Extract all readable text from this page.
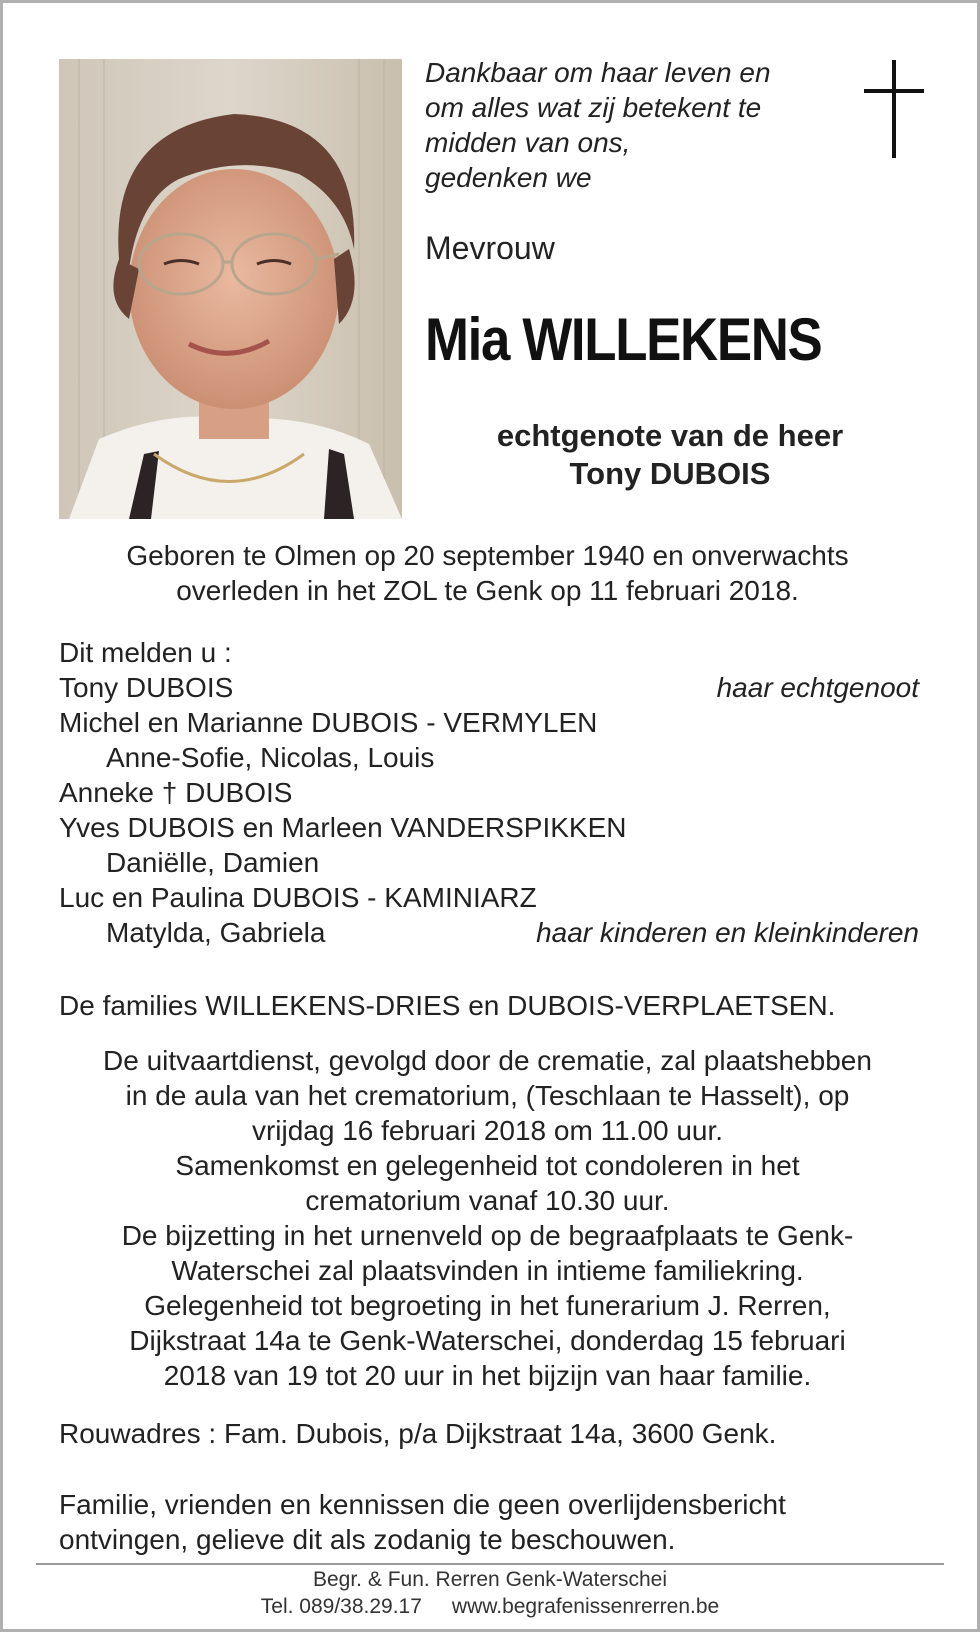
Dankbaar om haar leven en
om alles wat zij betekent te
midden van ons,
gedenken we
Mevrouw
Mia WILLEKENS
echtgenote van de heer
Tony DUBOIS
Geboren te Olmen op 20 september 1940 en onverwachts
overleden in het ZOL te Genk op 11 februari 2018.
Dit melden u :
Tony DUBOIS	haar echtgenoot
Michel en Marianne DUBOIS - VERMYLEN
Anne-Sofie, Nicolas, Louis
Anneke † DUBOIS
Yves DUBOIS en Marleen VANDERSPIKKEN
Daniëlle, Damien
Luc en Paulina DUBOIS - KAMINIARZ
Matylda, Gabriela	haar kinderen en kleinkinderen
De families WILLEKENS-DRIES en DUBOIS-VERPLAETSEN.
De uitvaartdienst, gevolgd door de crematie, zal plaatshebben
in de aula van het crematorium, (Teschlaan te Hasselt), op
vrijdag 16 februari 2018 om 11.00 uur.
Samenkomst en gelegenheid tot condoleren in het
crematorium vanaf 10.30 uur.
De bijzetting in het urnenveld op de begraafplaats te Genk-
Waterschei zal plaatsvinden in intieme familiekring.
Gelegenheid tot begroeting in het funerarium J. Rerren,
Dijkstraat 14a te Genk-Waterschei, donderdag 15 februari
2018 van 19 tot 20 uur in het bijzijn van haar familie.
Rouwadres : Fam. Dubois, p/a Dijkstraat 14a, 3600 Genk.
Familie, vrienden en kennissen die geen overlijdensbericht
ontvingen, gelieve dit als zodanig te beschouwen.
Begr. & Fun. Rerren Genk-Waterschei
Tel. 089/38.29.17 www.begrafenissenrerren.be
